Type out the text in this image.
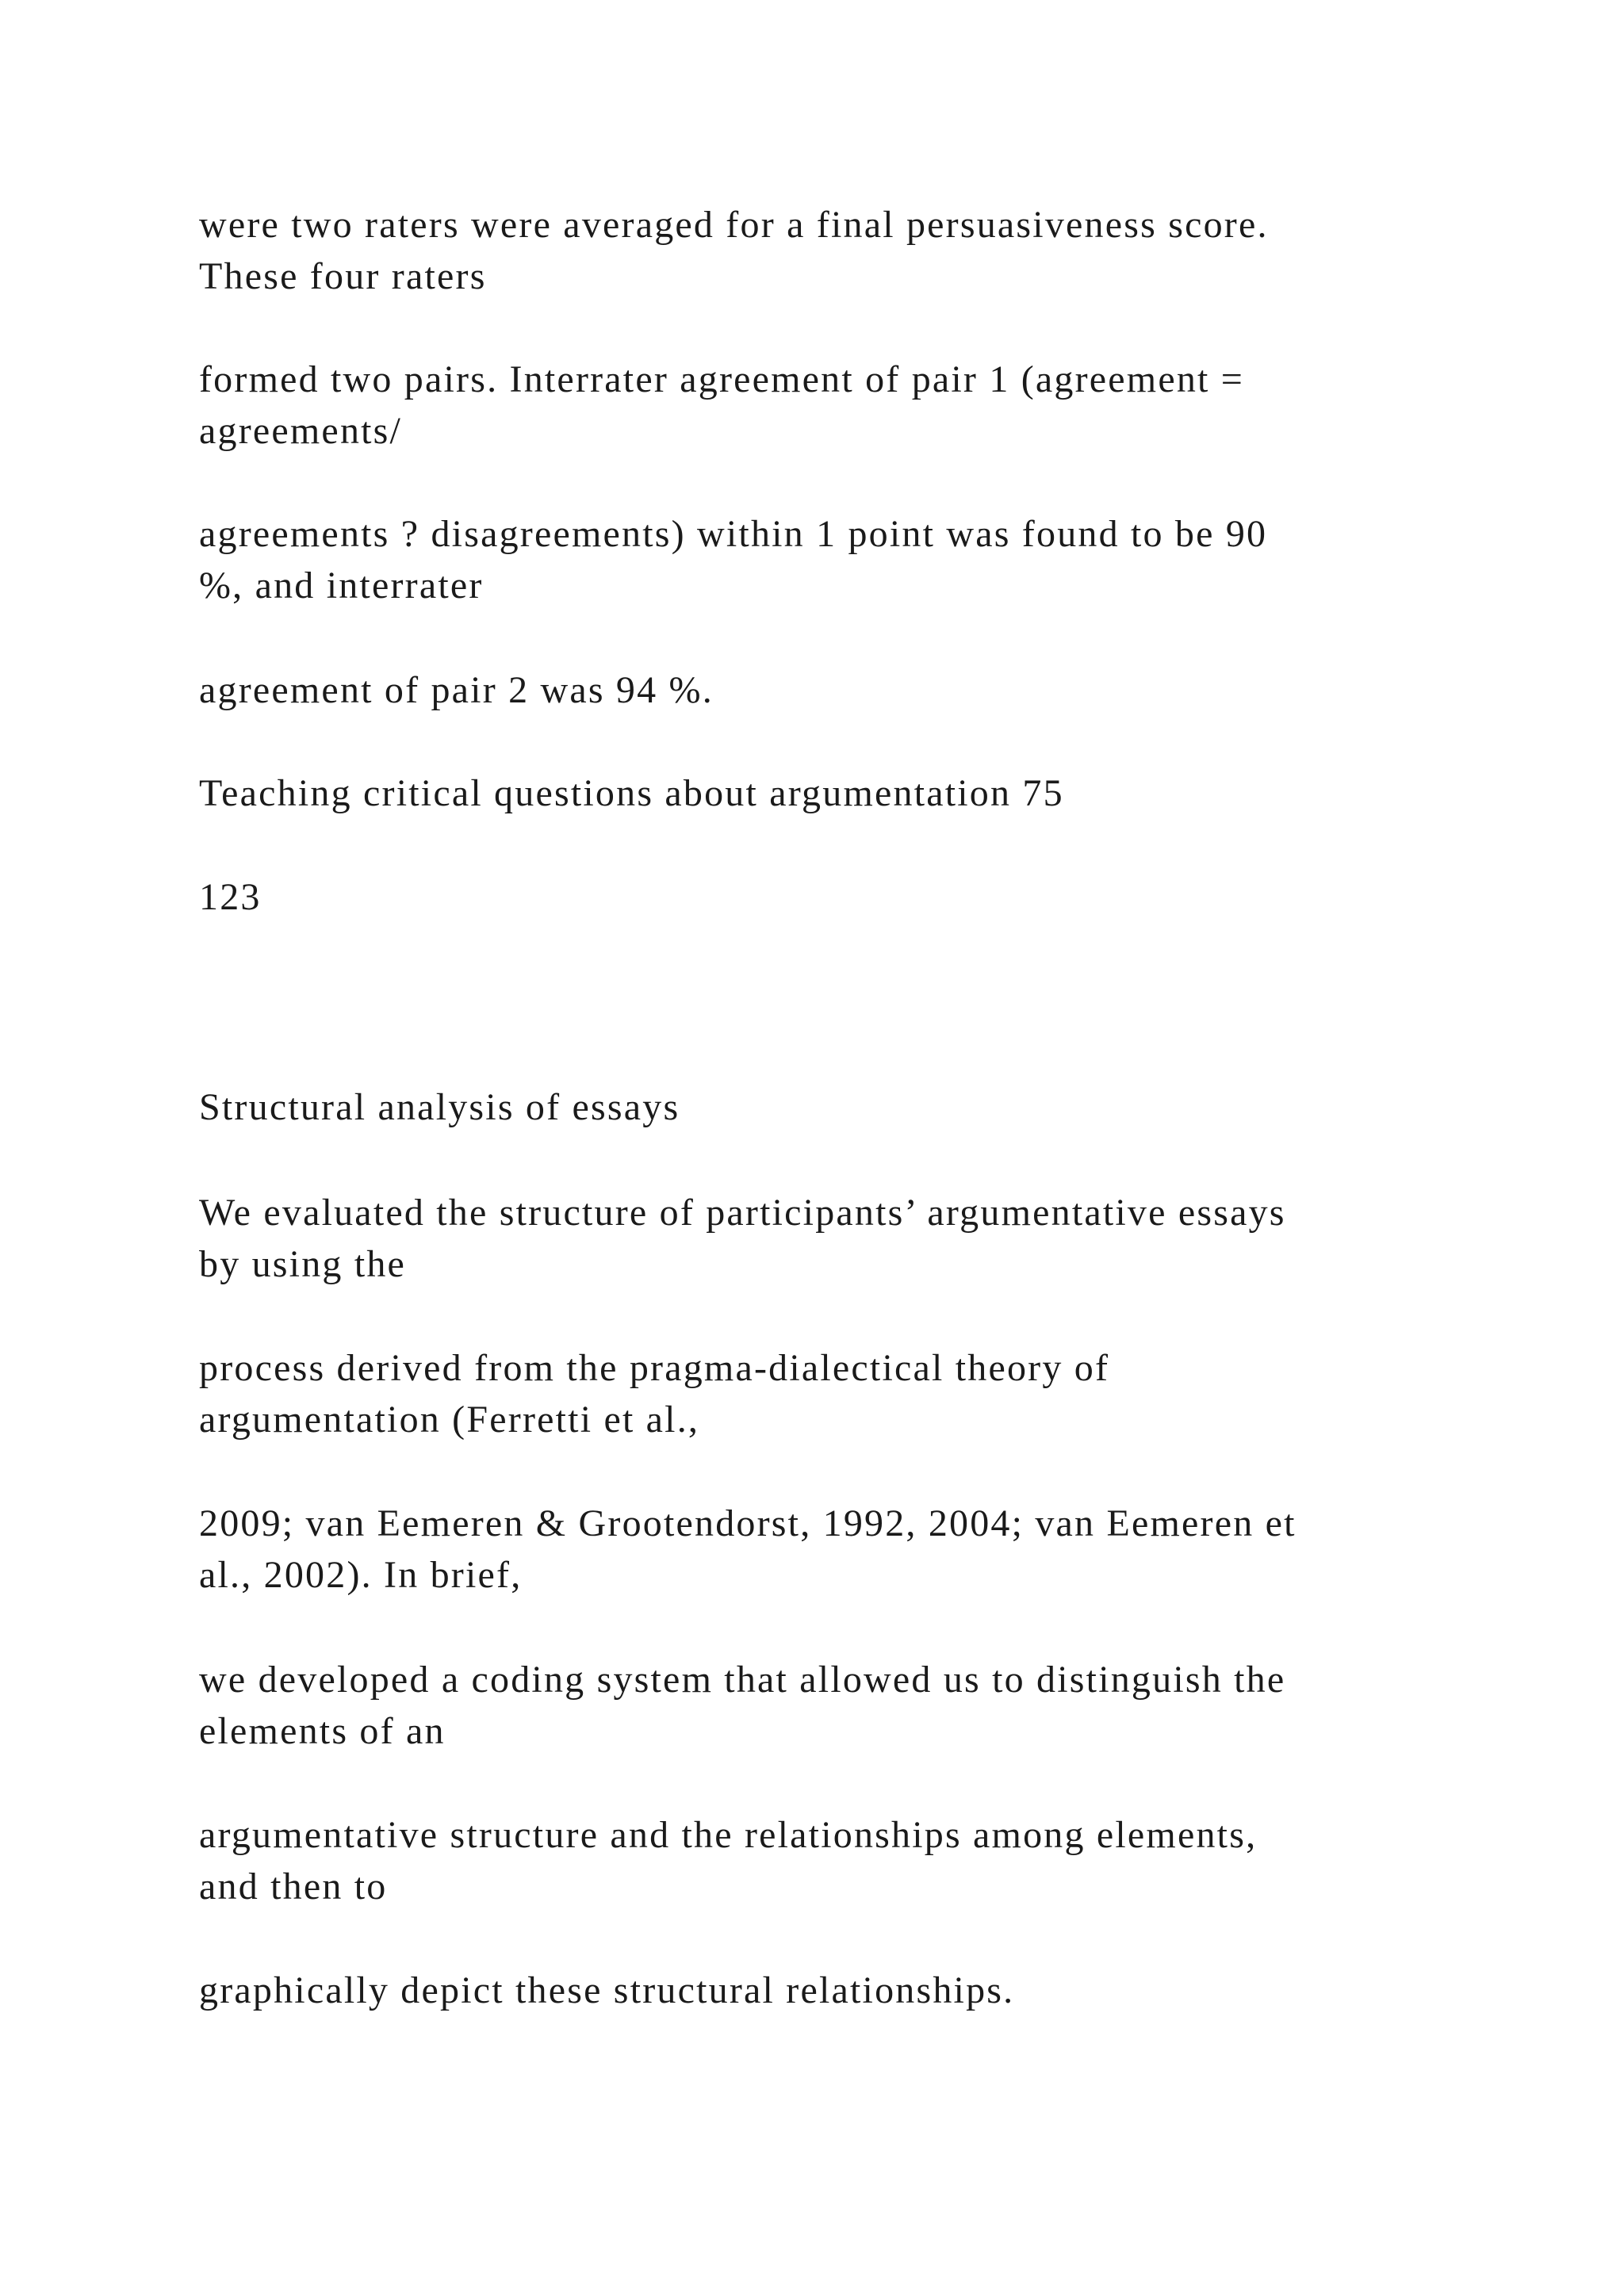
were two raters were averaged for a final persuasiveness score.
These four raters

formed two pairs. Interrater agreement of pair 1 (agreement =
agreements/

agreements ? disagreements) within 1 point was found to be 90
%, and interrater

agreement of pair 2 was 94 %.

Teaching critical questions about argumentation 75

123

Structural analysis of essays

We evaluated the structure of participants’ argumentative essays
by using the

process derived from the pragma-dialectical theory of
argumentation (Ferretti et al.,

2009; van Eemeren & Grootendorst, 1992, 2004; van Eemeren et
al., 2002). In brief,

we developed a coding system that allowed us to distinguish the
elements of an

argumentative structure and the relationships among elements,
and then to

graphically depict these structural relationships.
